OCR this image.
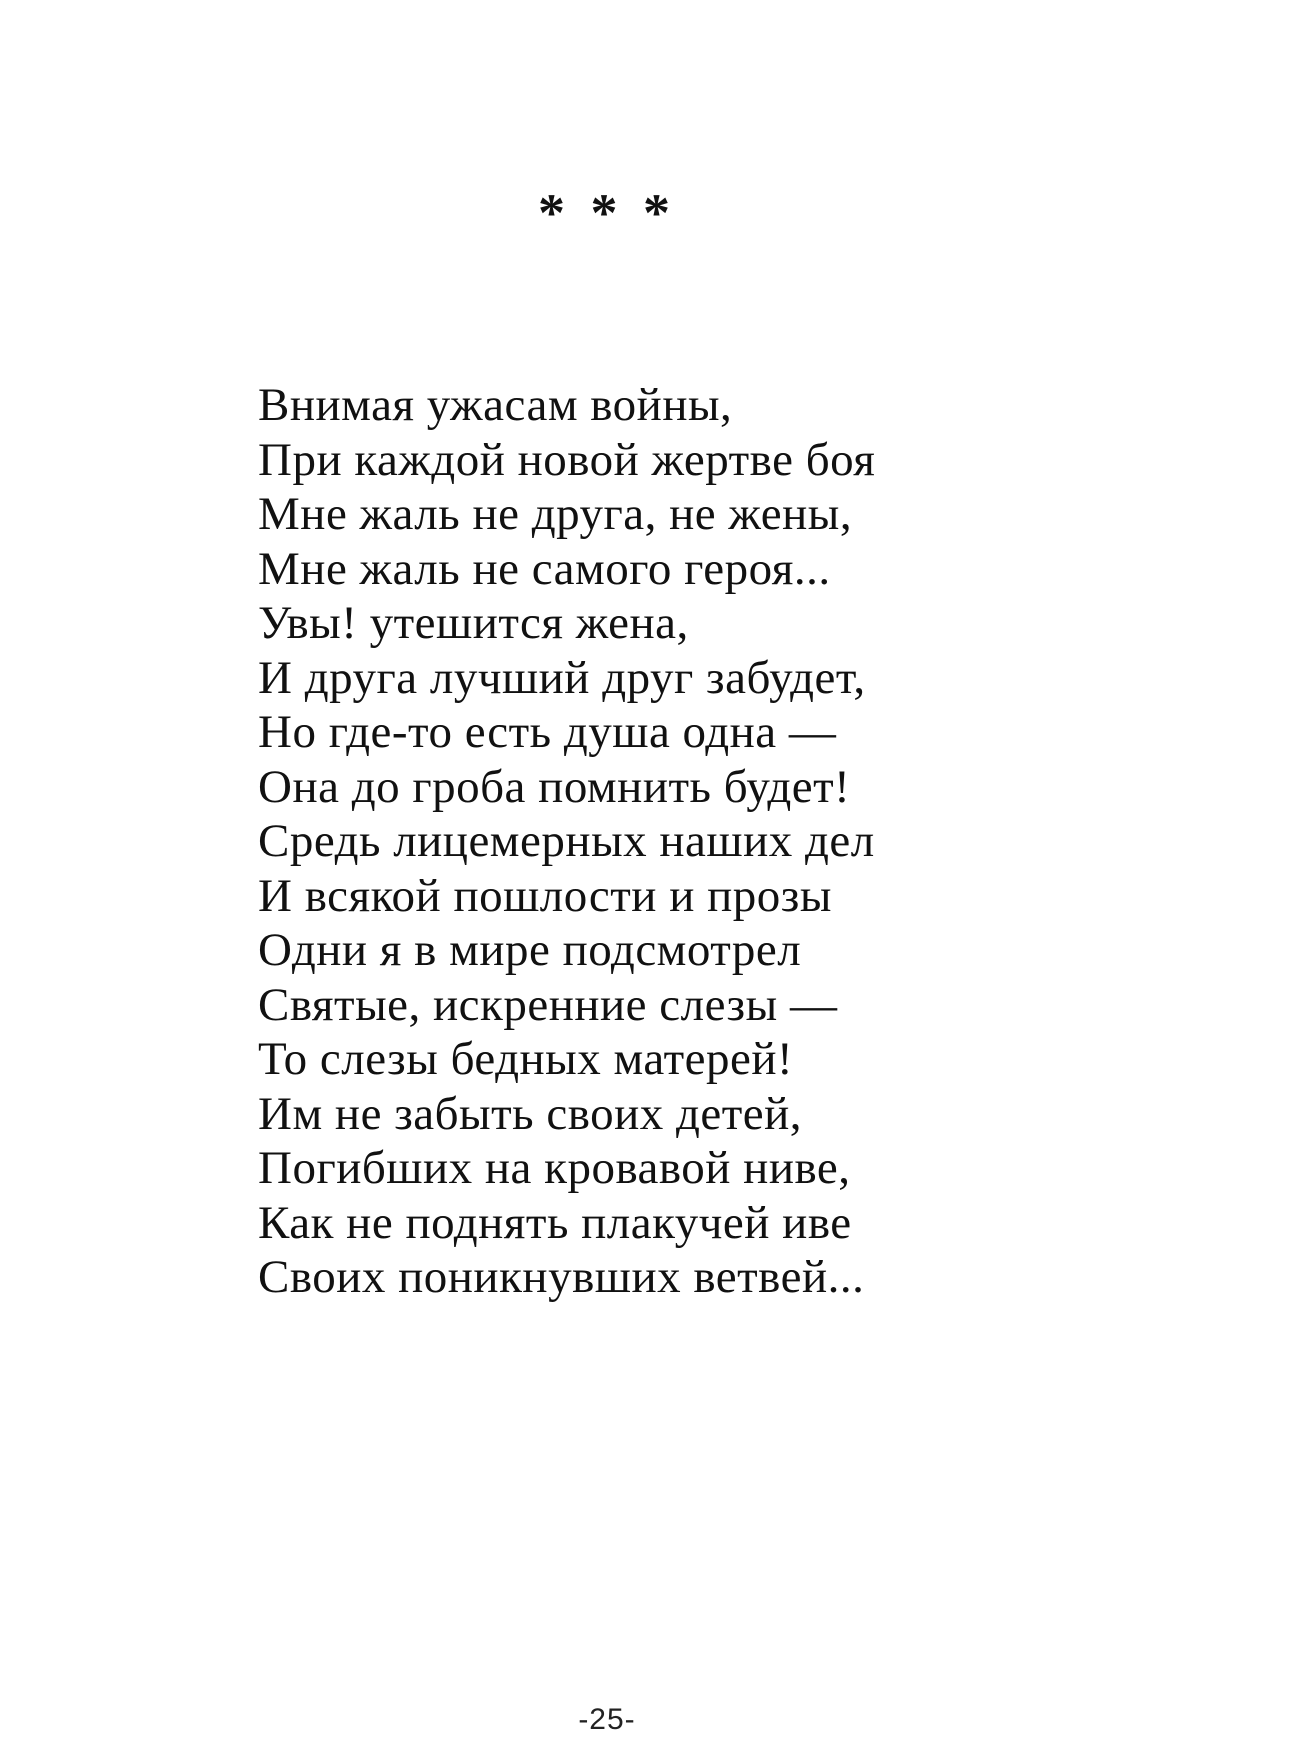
* * *
Внимая ужасам войны,
При каждой новой жертве боя
Мне жаль не друга, не жены,
Мне жаль не самого героя...
Увы! утешится жена,
И друга лучший друг забудет,
Но где-то есть душа одна —
Она до гроба помнить будет!
Средь лицемерных наших дел
И всякой пошлости и прозы
Одни я в мире подсмотрел
Святые, искренние слезы —
То слезы бедных матерей!
Им не забыть своих детей,
Погибших на кровавой ниве,
Как не поднять плакучей иве
Своих поникнувших ветвей...
-25-
